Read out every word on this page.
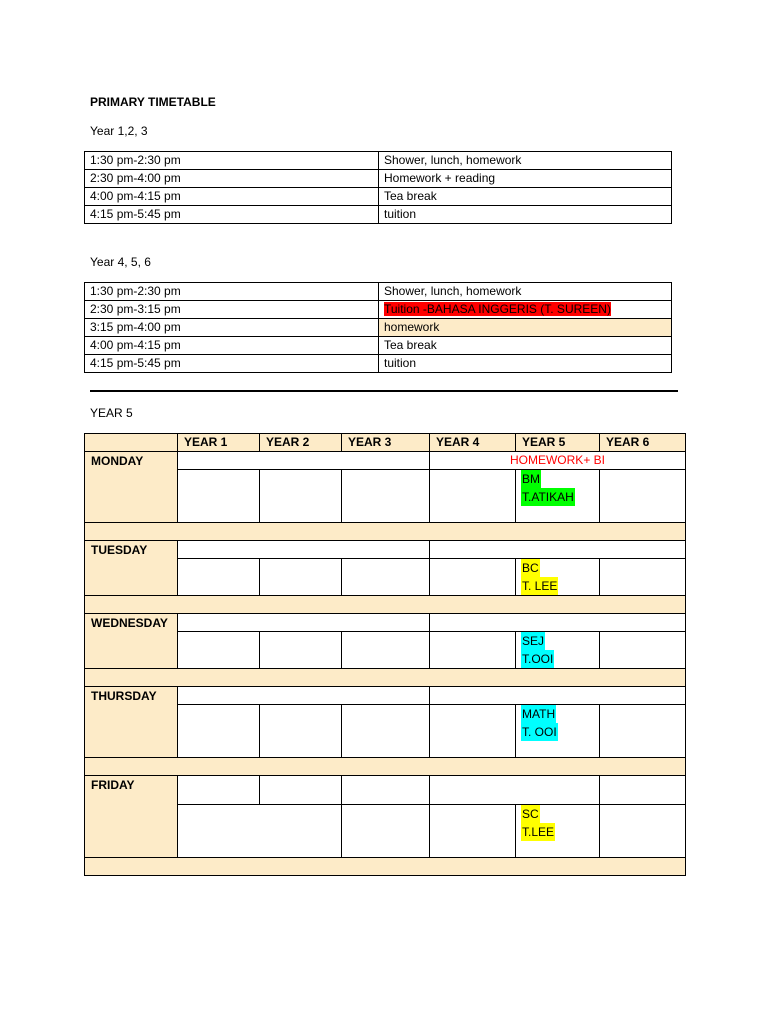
PRIMARY TIMETABLE
Year 1,2, 3
1:30 pm-2:30 pm	Shower, lunch, homework
2:30 pm-4:00 pm	Homework + reading
4:00 pm-4:15 pm	Tea break
4:15 pm-5:45 pm	tuition
Year 4, 5, 6
1:30 pm-2:30 pm	Shower, lunch, homework
2:30 pm-3:15 pm	Tuition -BAHASA INGGERIS (T. SUREEN)
3:15 pm-4:00 pm	homework
4:00 pm-4:15 pm	Tea break
4:15 pm-5:45 pm	tuition
YEAR 5
	YEAR 1	YEAR 2	YEAR 3	YEAR 4	YEAR 5	YEAR 6
MONDAY				HOMEWORK+ BI		
					BM
T.ATIKAH	

TUESDAY						
					BC
T. LEE	

WEDNESDAY						
					SEJ
T.OOI	

THURSDAY						
					MATH
T. OOI	

FRIDAY						
					SC
T.LEE	
